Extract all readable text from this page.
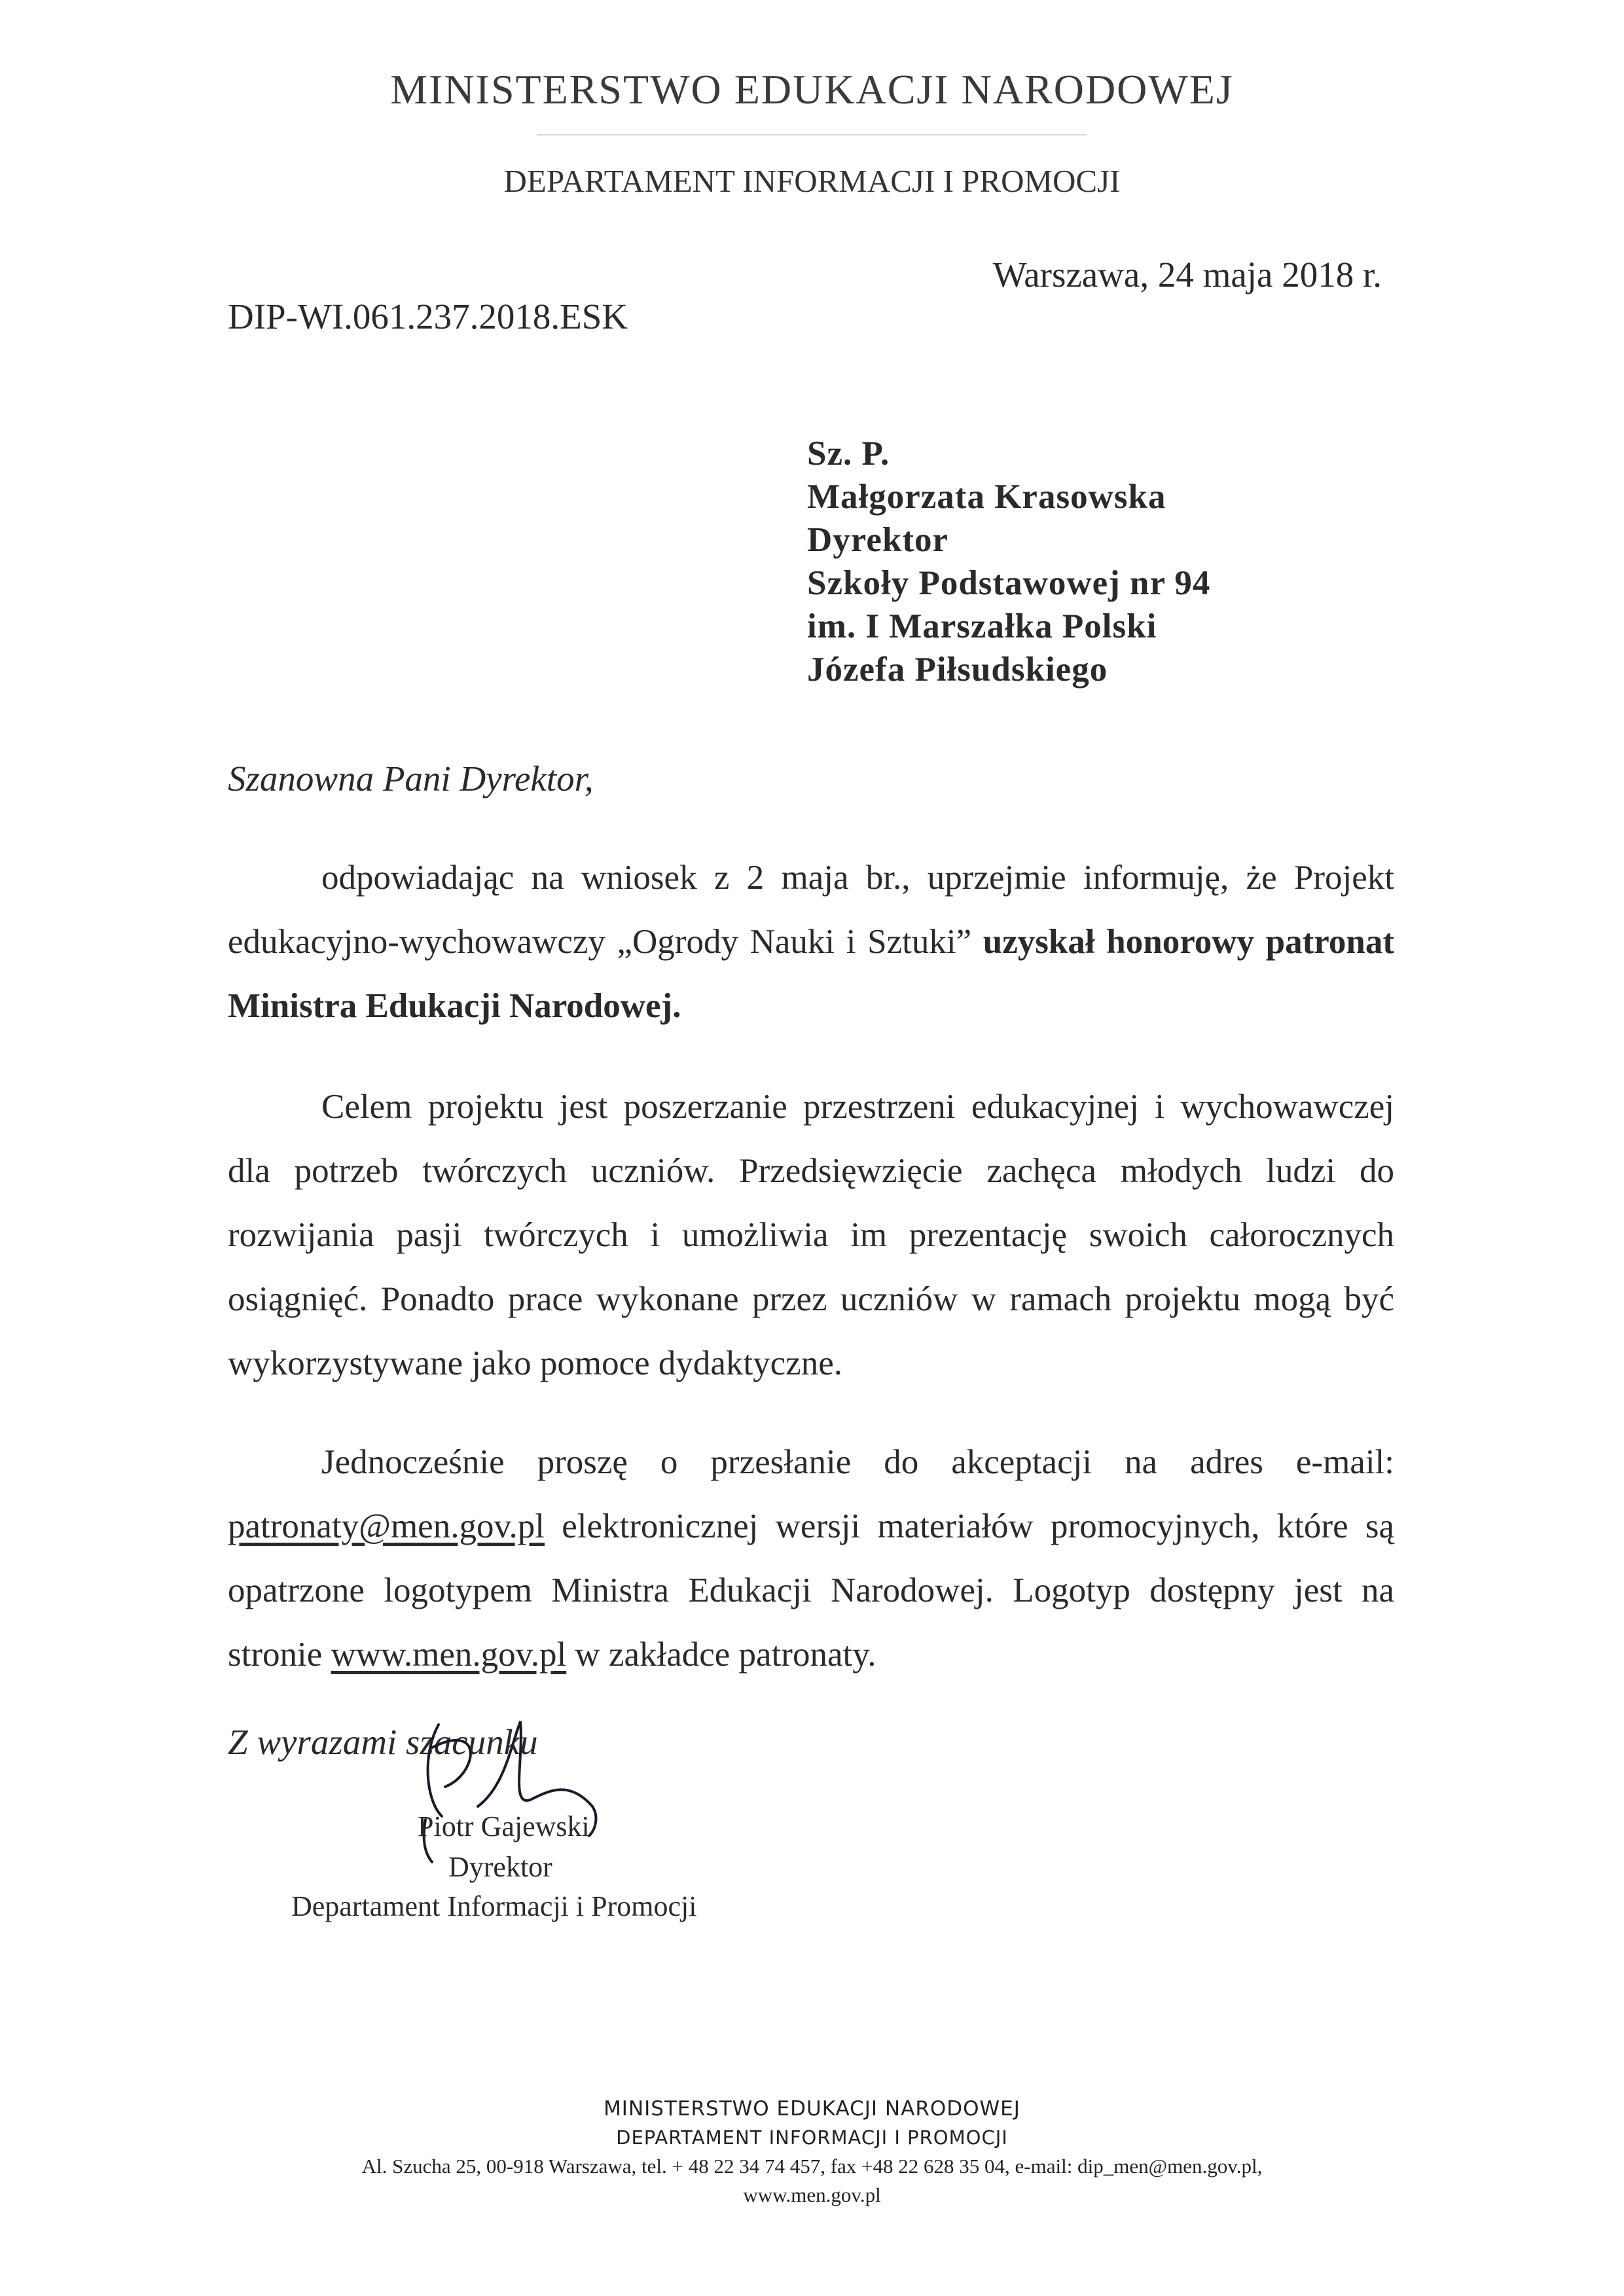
MINISTERSTWO EDUKACJI NARODOWEJ
DEPARTAMENT INFORMACJI I PROMOCJI
Warszawa, 24 maja 2018 r.
DIP-WI.061.237.2018.ESK
Sz. P.
Małgorzata Krasowska
Dyrektor
Szkoły Podstawowej nr 94
im. I Marszałka Polski
Józefa Piłsudskiego
Szanowna Pani Dyrektor,

odpowiadając na wniosek z 2 maja br., uprzejmie informuję, że Projekt edukacyjno-wychowawczy „Ogrody Nauki i Sztuki” uzyskał honorowy patronat Ministra Edukacji Narodowej.

Celem projektu jest poszerzanie przestrzeni edukacyjnej i wychowawczej dla potrzeb twórczych uczniów. Przedsięwzięcie zachęca młodych ludzi do rozwijania pasji twórczych i umożliwia im prezentację swoich całorocznych osiągnięć. Ponadto prace wykonane przez uczniów w ramach projektu mogą być wykorzystywane jako pomoce dydaktyczne.

Jednocześnie proszę o przesłanie do akceptacji na adres e-mail: patronaty@men.gov.pl elektronicznej wersji materiałów promocyjnych, które są opatrzone logotypem Ministra Edukacji Narodowej. Logotyp dostępny jest na stronie www.men.gov.pl w zakładce patronaty.

Z wyrazami szacunku
Piotr Gajewski
Dyrektor
Departament Informacji i Promocji
MINISTERSTWO EDUKACJI NARODOWEJ
DEPARTAMENT INFORMACJI I PROMOCJI
Al. Szucha 25, 00-918 Warszawa, tel. + 48 22 34 74 457, fax +48 22 628 35 04, e-mail: dip_men@men.gov.pl,
www.men.gov.pl
